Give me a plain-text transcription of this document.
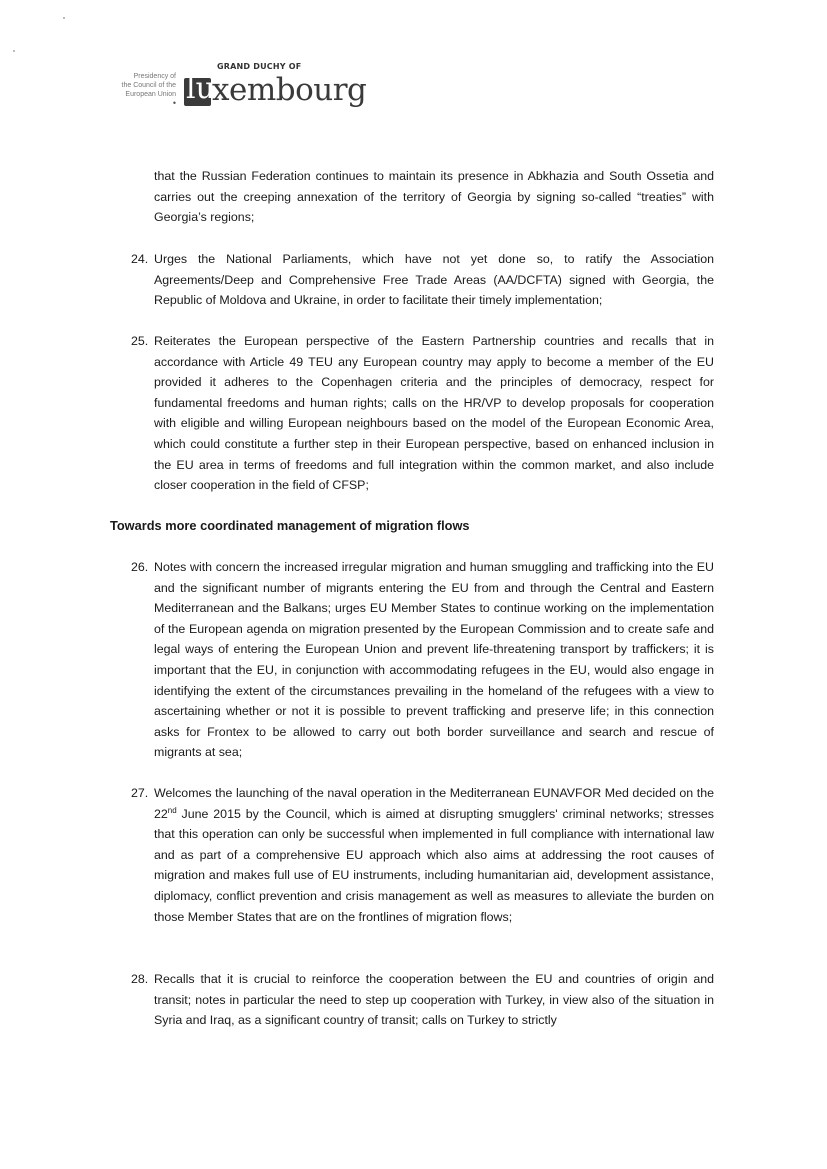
GRAND DUCHY OF
Presidency of
the Council of the
European Union
• lu
xembourg
that the Russian Federation continues to maintain its presence in Abkhazia and South Ossetia and carries out the creeping annexation of the territory of Georgia by signing so-called “treaties” with Georgia’s regions;
24. Urges the National Parliaments, which have not yet done so, to ratify the Association Agreements/Deep and Comprehensive Free Trade Areas (AA/DCFTA) signed with Georgia, the Republic of Moldova and Ukraine, in order to facilitate their timely implementation;
25. Reiterates the European perspective of the Eastern Partnership countries and recalls that in accordance with Article 49 TEU any European country may apply to become a member of the EU provided it adheres to the Copenhagen criteria and the principles of democracy, respect for fundamental freedoms and human rights; calls on the HR/VP to develop proposals for cooperation with eligible and willing European neighbours based on the model of the European Economic Area, which could constitute a further step in their European perspective, based on enhanced inclusion in the EU area in terms of freedoms and full integration within the common market, and also include closer cooperation in the field of CFSP;
Towards more coordinated management of migration flows
26. Notes with concern the increased irregular migration and human smuggling and trafficking into the EU and the significant number of migrants entering the EU from and through the Central and Eastern Mediterranean and the Balkans; urges EU Member States to continue working on the implementation of the European agenda on migration presented by the European Commission and to create safe and legal ways of entering the European Union and prevent life-threatening transport by traffickers; it is important that the EU, in conjunction with accommodating refugees in the EU, would also engage in identifying the extent of the circumstances prevailing in the homeland of the refugees with a view to ascertaining whether or not it is possible to prevent trafficking and preserve life; in this connection asks for Frontex to be allowed to carry out both border surveillance and search and rescue of migrants at sea;
27. Welcomes the launching of the naval operation in the Mediterranean EUNAVFOR Med decided on the 22nd June 2015 by the Council, which is aimed at disrupting smugglers' criminal networks; stresses that this operation can only be successful when implemented in full compliance with international law and as part of a comprehensive EU approach which also aims at addressing the root causes of migration and makes full use of EU instruments, including humanitarian aid, development assistance, diplomacy, conflict prevention and crisis management as well as measures to alleviate the burden on those Member States that are on the frontlines of migration flows;
28. Recalls that it is crucial to reinforce the cooperation between the EU and countries of origin and transit; notes in particular the need to step up cooperation with Turkey, in view also of the situation in Syria and Iraq, as a significant country of transit; calls on Turkey to strictly
